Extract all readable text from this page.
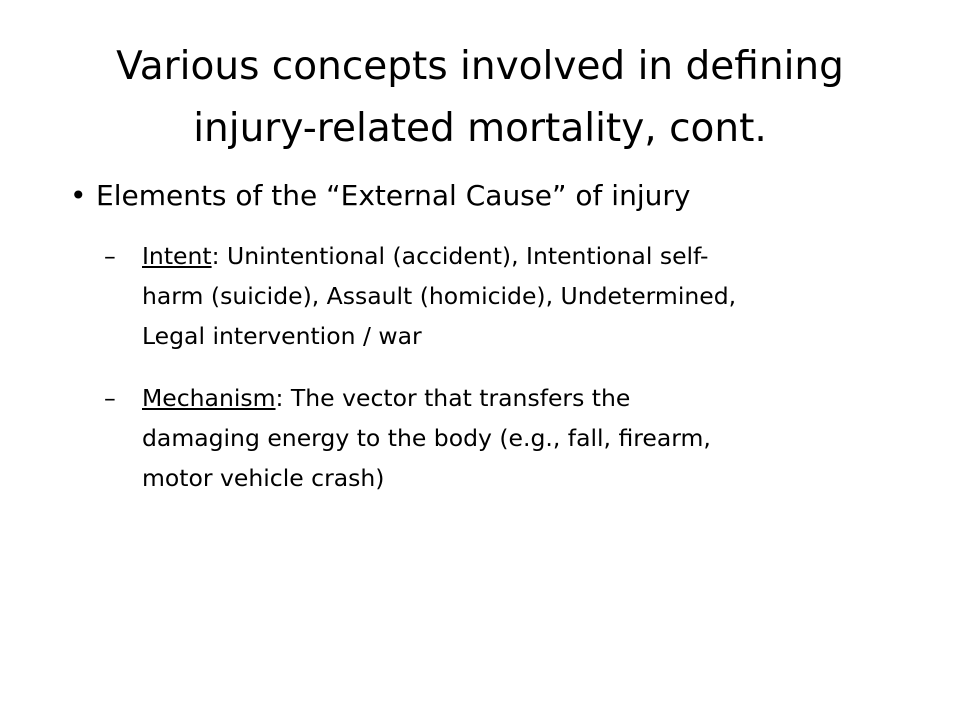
Various concepts involved in defining
injury-related mortality, cont.
• Elements of the “External Cause” of injury
– Intent: Unintentional (accident), Intentional self-
harm (suicide), Assault (homicide), Undetermined,
Legal intervention / war
– Mechanism: The vector that transfers the
damaging energy to the body (e.g., fall, firearm,
motor vehicle crash)
